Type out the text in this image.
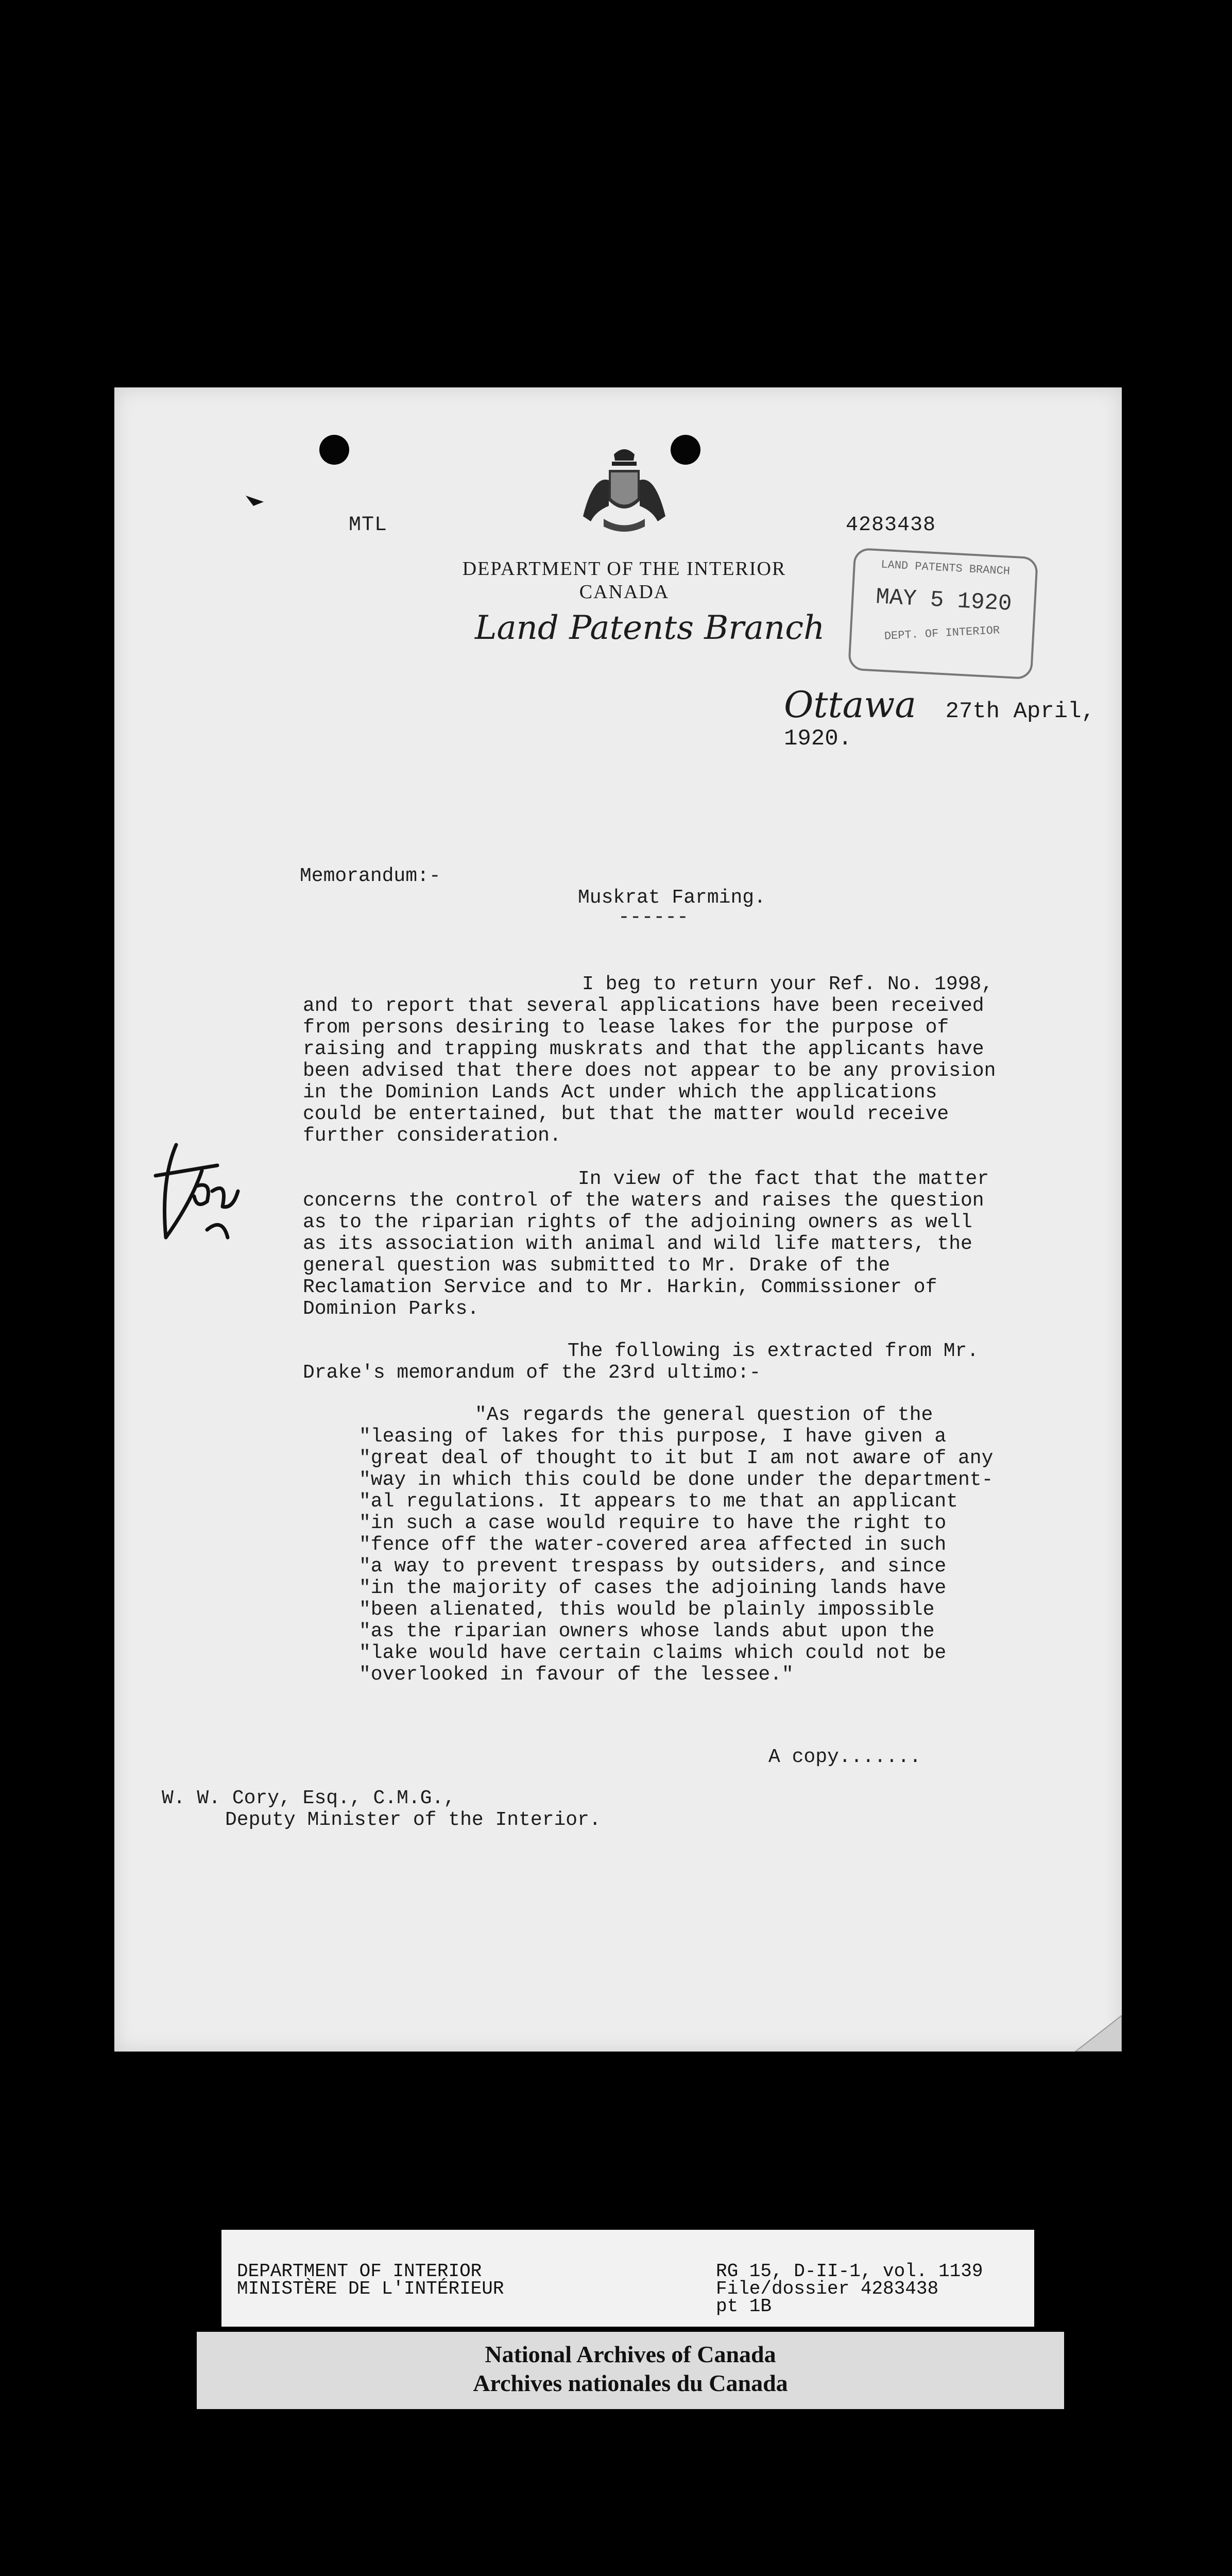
MTL	4283438
DEPARTMENT OF THE INTERIOR
CANADA
Land Patents Branch
LAND PATENTS BRANCH
MAY 5 1920
DEPT. OF INTERIOR
Ottawa 27th April, 1920.
Memorandum:-
Muskrat Farming.
------
I beg to return your Ref. No. 1998,
and to report that several applications have been received
from persons desiring to lease lakes for the purpose of
raising and trapping muskrats and that the applicants have
been advised that there does not appear to be any provision
in the Dominion Lands Act under which the applications
could be entertained, but that the matter would receive
further consideration.
In view of the fact that the matter
concerns the control of the waters and raises the question
as to the riparian rights of the adjoining owners as well
as its association with animal and wild life matters, the
general question was submitted to Mr. Drake of the
Reclamation Service and to Mr. Harkin, Commissioner of
Dominion Parks.
The following is extracted from Mr.
Drake's memorandum of the 23rd ultimo:-
"As regards the general question of the
"leasing of lakes for this purpose, I have given a
"great deal of thought to it but I am not aware of any
"way in which this could be done under the department-
"al regulations. It appears to me that an applicant
"in such a case would require to have the right to
"fence off the water-covered area affected in such
"a way to prevent trespass by outsiders, and since
"in the majority of cases the adjoining lands have
"been alienated, this would be plainly impossible
"as the riparian owners whose lands abut upon the
"lake would have certain claims which could not be
"overlooked in favour of the lessee."
A copy.......
W. W. Cory, Esq., C.M.G.,
Deputy Minister of the Interior.
DEPARTMENT OF INTERIOR
MINISTÈRE DE L'INTÉRIEUR
RG 15, D-II-1, vol. 1139
File/dossier 4283438
pt 1B
National Archives of Canada
Archives nationales du Canada
